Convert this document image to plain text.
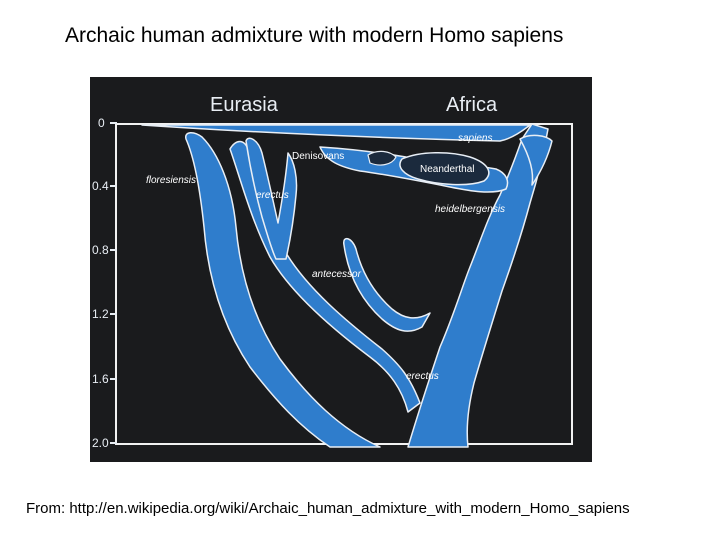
Archaic human admixture with modern Homo sapiens
Eurasia	Africa
0
0.4
0.8
1.2
1.6
2.0
sapiens
Denisovans
Neanderthal
floresiensis
erectus
heidelbergensis
antecessor
erectus
From: http://en.wikipedia.org/wiki/Archaic_human_admixture_with_modern_Homo_sapiens
